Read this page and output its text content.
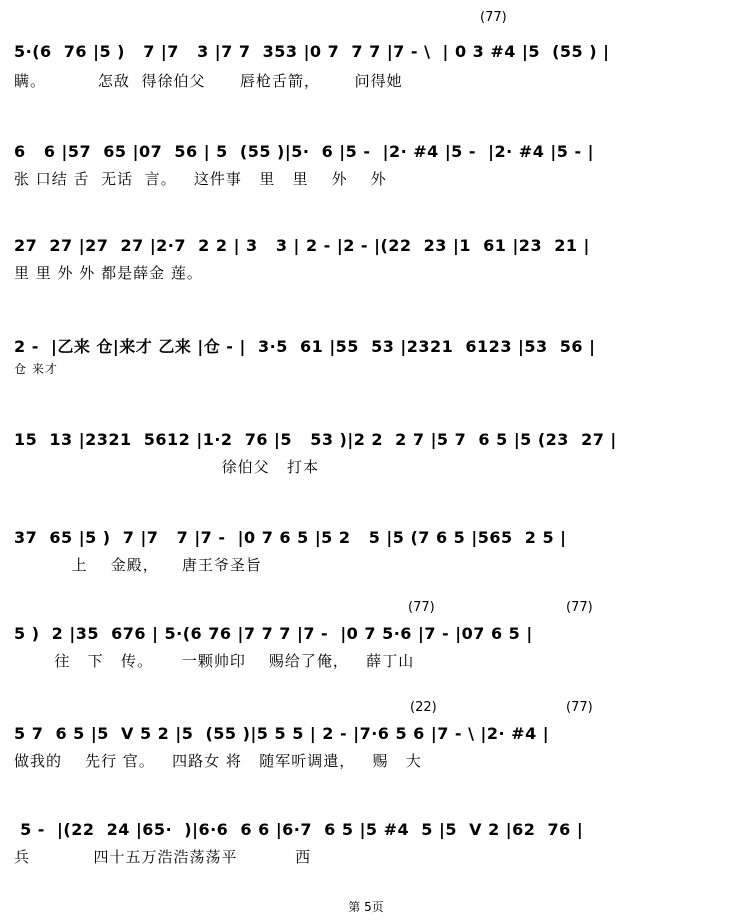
(77)
5·(6  76 |5 )   7 |7   3 |7 7  353 |0 7  7 7 |7 - \  | 0 3 #4 |5  (55 ) |
瞒。         怎敌  得徐伯父      唇枪舌箭，      问得她
6   6 |57  65 |07  56 | 5  (55 )|5·  6 |5 -  |2· #4 |5 -  |2· #4 |5 - |
张 口结 舌  无话  言。   这件事   里   里    外    外
27  27 |27  27 |2·7  2 2 | 3   3 | 2 - |2 - |(22  23 |1  61 |23  21 |
里 里 外 外 都是薛金 莲。
2 -  |乙来 仓|来才 乙来 |仓 - |  3·5  61 |55  53 |2321  6123 |53  56 |
仓 来才
15  13 |2321  5612 |1·2  76 |5   53 )|2 2  2 7 |5 7  6 5 |5 (23  27 |
徐伯父   打本
37  65 |5 )  7 |7   7 |7 -  |0 7 6 5 |5 2   5 |5 (7 6 5 |565  2 5 |
上    金殿，    唐王爷圣旨
(77)	(77)
5 )  2 |35  676 | 5·(6 76 |7 7 7 |7 -  |0 7 5·6 |7 - |07 6 5 |
往   下   传。     一颗帅印    赐给了俺，   薛丁山
(22)	(77)
5 7  6 5 |5  V 5 2 |5  (55 )|5 5 5 | 2 - |7·6 5 6 |7 - \ |2· #4 |
做我的    先行 官。   四路女 将   随军听调遣，   赐   大
5 -  |(22  24 |65·  )|6·6  6 6 |6·7  6 5 |5 #4  5 |5  V 2 |62  76 |
兵           四十五万浩浩荡荡平          西
第 5页
